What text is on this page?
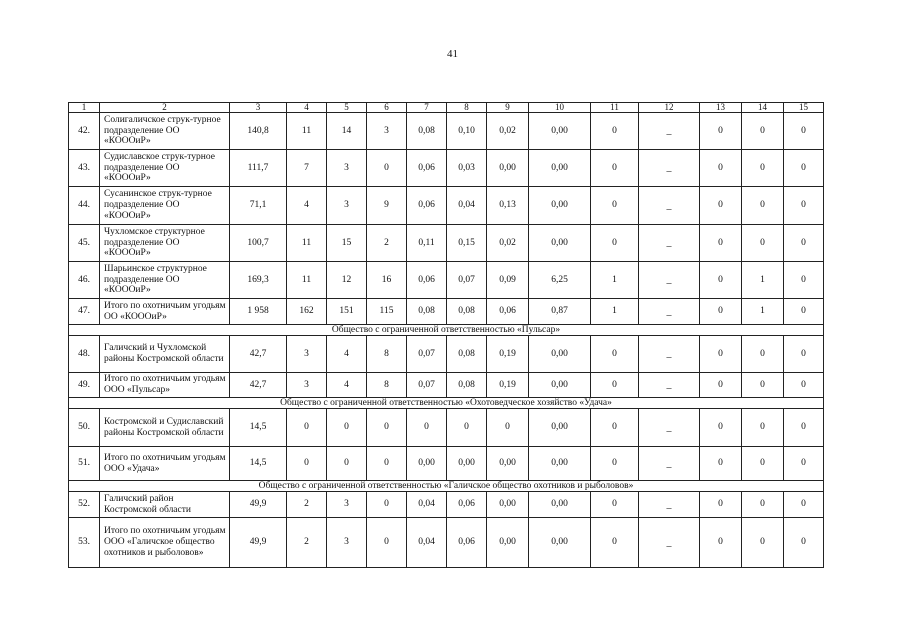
41
1	2	3	4	5	6	7	8	9	10	11	12	13	14	15
42.	Солигаличское струк-турное подразделение ОО «КОООиР»	140,8	11	14	3	0,08	0,10	0,02	0,00	0	_	0	0	0
43.	Судиславское струк-турное подразделение ОО «КОООиР»	111,7	7	3	0	0,06	0,03	0,00	0,00	0	_	0	0	0
44.	Сусанинское струк-турное подразделение ОО «КОООиР»	71,1	4	3	9	0,06	0,04	0,13	0,00	0	_	0	0	0
45.	Чухломское структурное подразделение ОО «КОООиР»	100,7	11	15	2	0,11	0,15	0,02	0,00	0	_	0	0	0
46.	Шарьинское структурное подразделение ОО «КОООиР»	169,3	11	12	16	0,06	0,07	0,09	6,25	1	_	0	1	0
47.	Итого по охотничьим угодьям ОО «КОООиР»	1 958	162	151	115	0,08	0,08	0,06	0,87	1	_	0	1	0
Общество с ограниченной ответственностью «Пульсар»														
48.	Галичский и Чухломской районы Костромской области	42,7	3	4	8	0,07	0,08	0,19	0,00	0	_	0	0	0
49.	Итого по охотничьим угодьям ООО «Пульсар»	42,7	3	4	8	0,07	0,08	0,19	0,00	0	_	0	0	0
Общество с ограниченной ответственностью «Охотоведческое хозяйство «Удача»														
50.	Костромской и Судиславский районы Костромской области	14,5	0	0	0	0	0	0	0,00	0	_	0	0	0
51.	Итого по охотничьим угодьям ООО «Удача»	14,5	0	0	0	0,00	0,00	0,00	0,00	0	_	0	0	0
Общество с ограниченной ответственностью «Галичское общество охотников и рыболовов»														
52.	Галичский район Костромской области	49,9	2	3	0	0,04	0,06	0,00	0,00	0	_	0	0	0
53.	Итого по охотничьим угодьям ООО «Галичское общество охотников и рыболовов»	49,9	2	3	0	0,04	0,06	0,00	0,00	0	_	0	0	0
